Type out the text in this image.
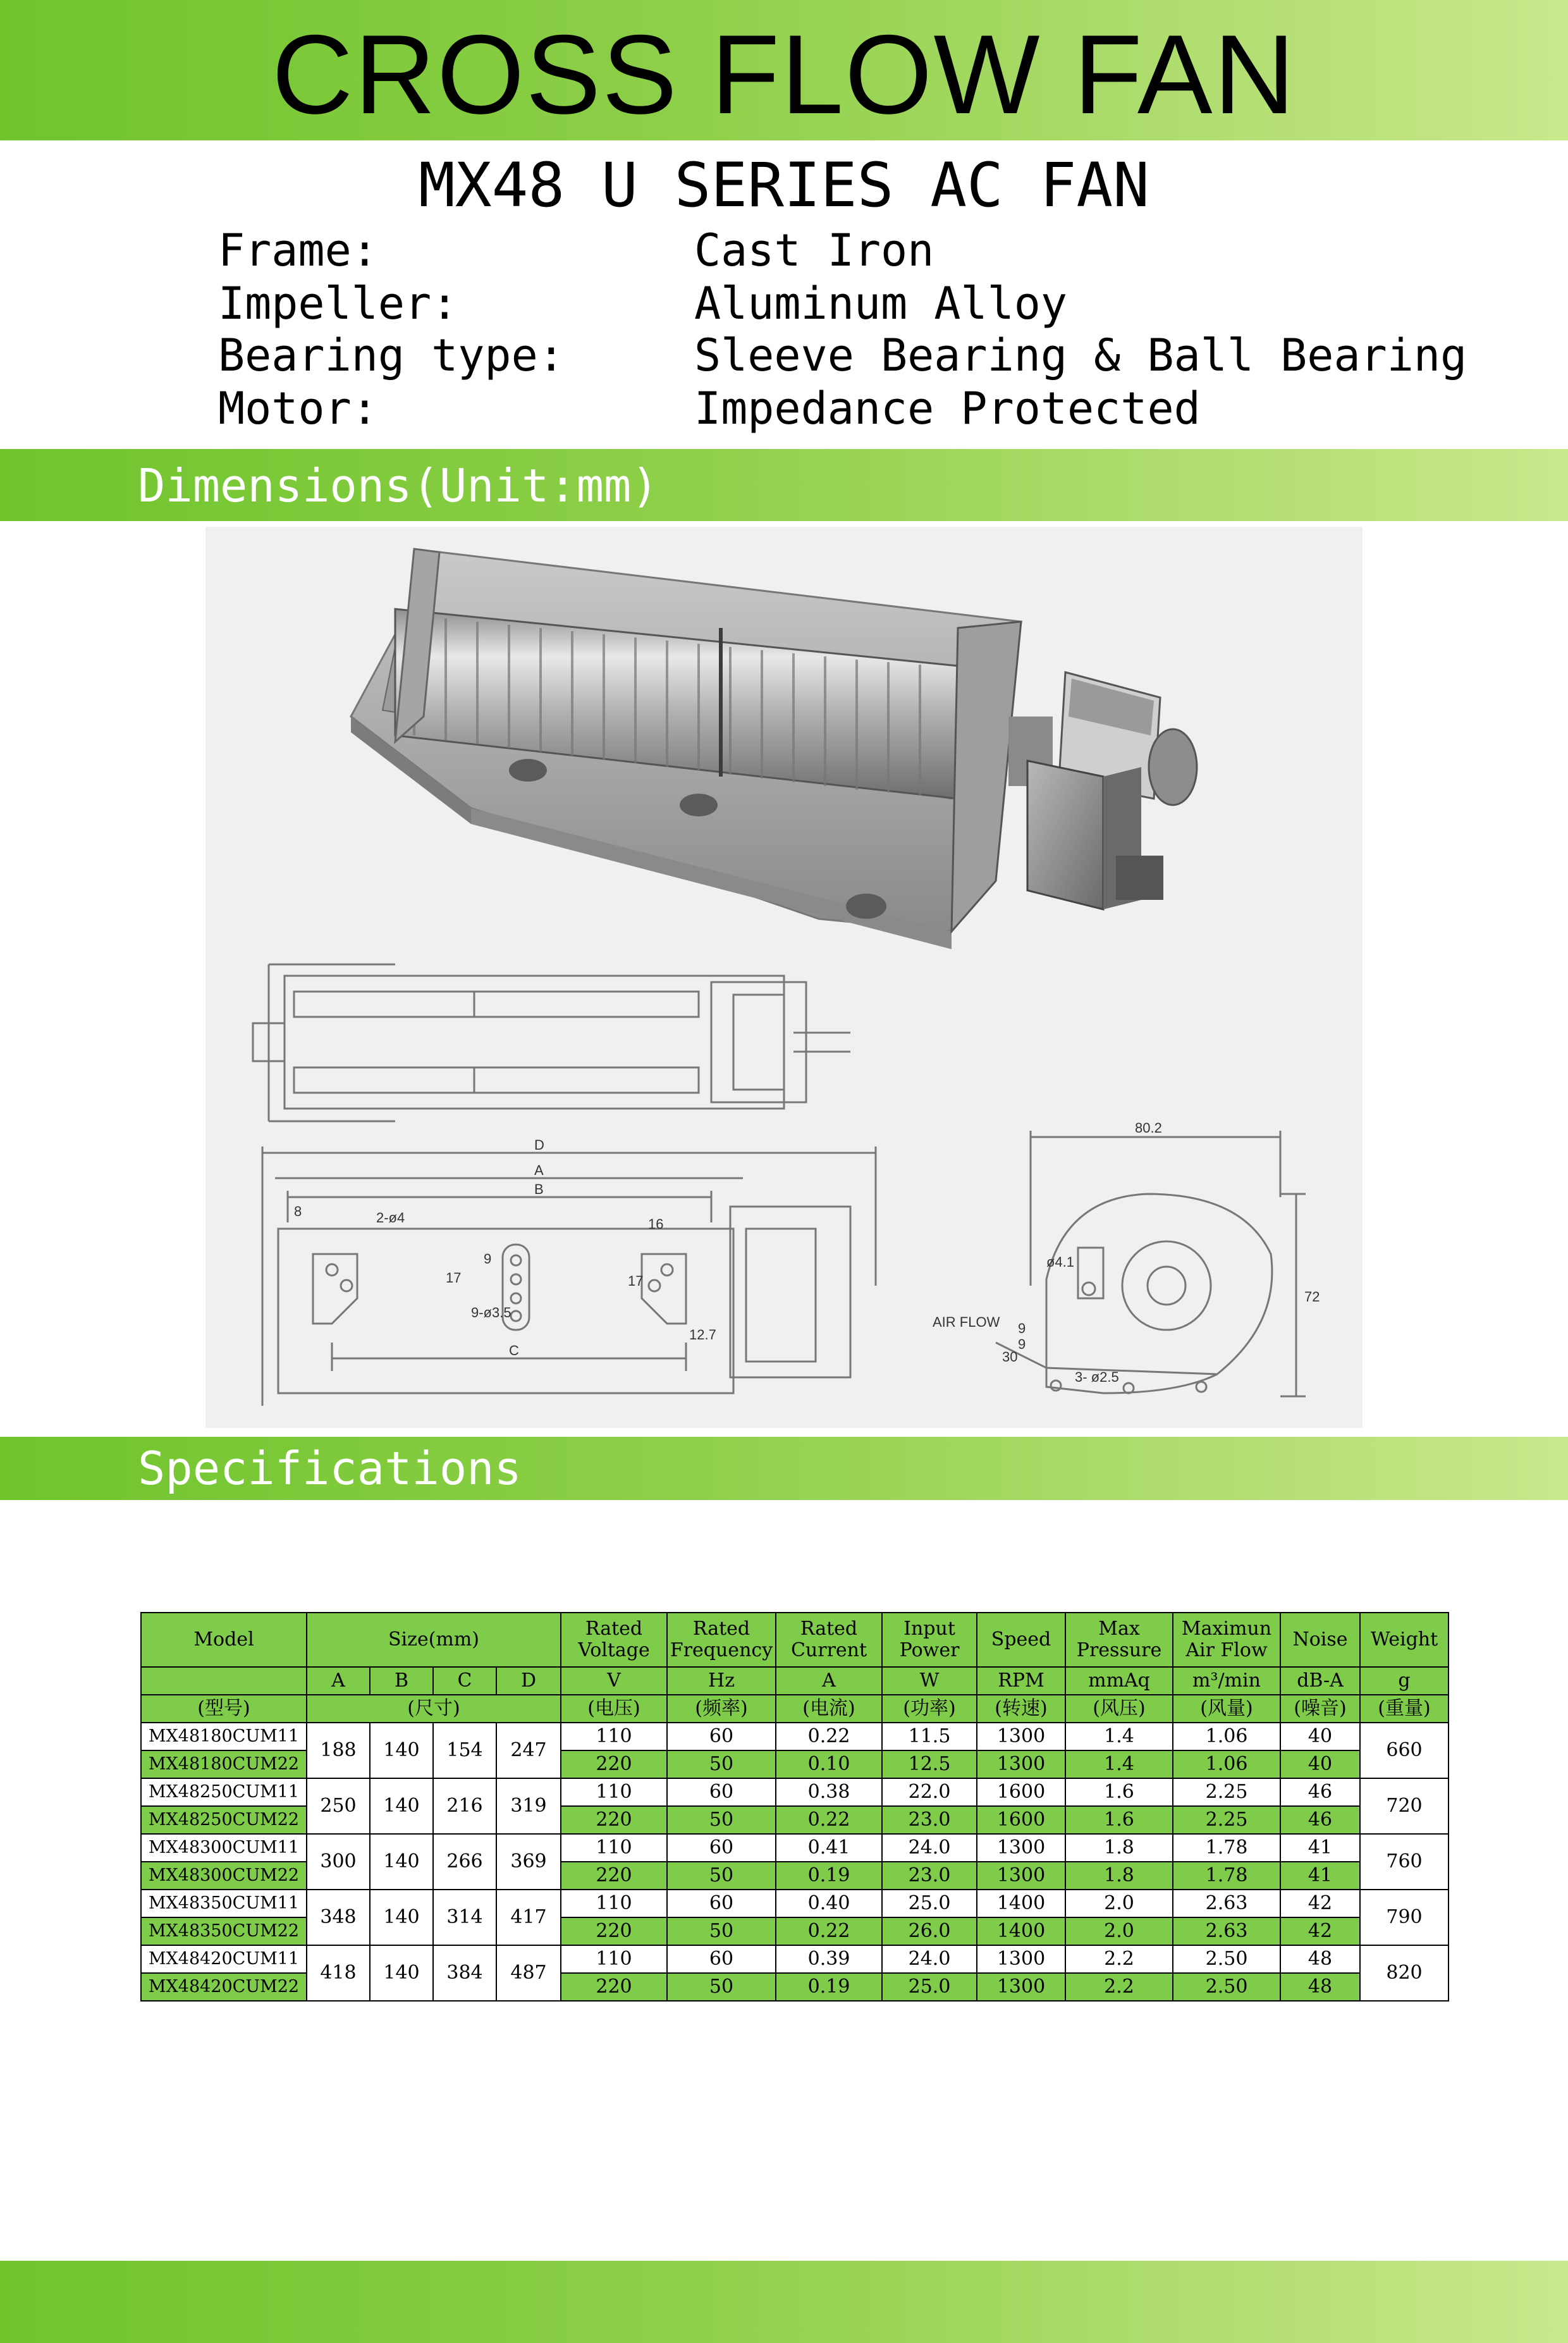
CROSS FLOW FAN
MX48 U SERIES AC FAN
Frame:	Cast Iron
Impeller:	Aluminum Alloy
Bearing type:	Sleeve Bearing & Ball Bearing
Motor:	Impedance Protected
Dimensions(Unit:mm)
D
A
B
C
2-ø4
9-ø3.5
12.7
16
17	17
9
8
80.2
72
ø4.1
AIR FLOW
30
9
9
3- ø2.5
Specifications
Model	Size(mm)				Rated Voltage	Rated Frequency	Rated Current	Input Power	Speed	Max Pressure	Maximun Air Flow	Noise	Weight
	A	B	C	D	V	Hz	A	W	RPM	mmAq	m³/min	dB-A	g
(型号)	(尺寸)				(电压)	(频率)	(电流)	(功率)	(转速)	(风压)	(风量)	(噪音)	(重量)
MX48180CUM11	188	140	154	247	110	60	0.22	11.5	1300	1.4	1.06	40	660
MX48180CUM22					220	50	0.10	12.5	1300	1.4	1.06	40	
MX48250CUM11	250	140	216	319	110	60	0.38	22.0	1600	1.6	2.25	46	720
MX48250CUM22					220	50	0.22	23.0	1600	1.6	2.25	46	
MX48300CUM11	300	140	266	369	110	60	0.41	24.0	1300	1.8	1.78	41	760
MX48300CUM22					220	50	0.19	23.0	1300	1.8	1.78	41	
MX48350CUM11	348	140	314	417	110	60	0.40	25.0	1400	2.0	2.63	42	790
MX48350CUM22					220	50	0.22	26.0	1400	2.0	2.63	42	
MX48420CUM11	418	140	384	487	110	60	0.39	24.0	1300	2.2	2.50	48	820
MX48420CUM22					220	50	0.19	25.0	1300	2.2	2.50	48	
